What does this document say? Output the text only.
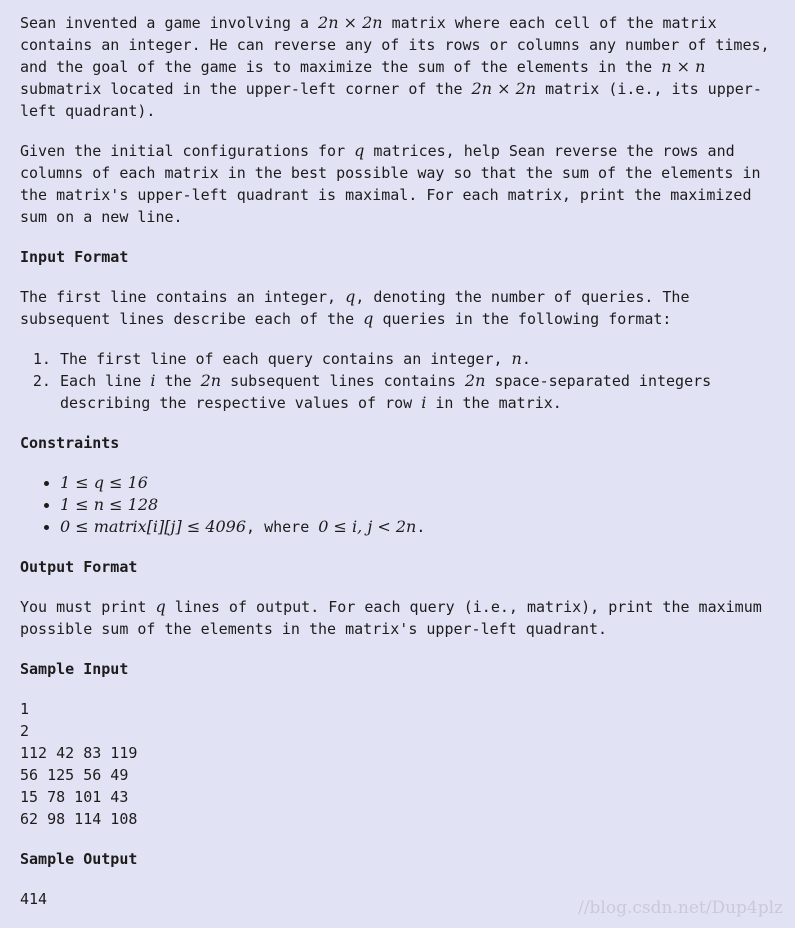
Sean invented a game involving a 2n × 2n matrix where each cell of the matrix contains an integer. He can reverse any of its rows or columns any number of times, and the goal of the game is to maximize the sum of the elements in the n × n submatrix located in the upper-left corner of the 2n × 2n matrix (i.e., its upper-left quadrant).

Given the initial configurations for q matrices, help Sean reverse the rows and columns of each matrix in the best possible way so that the sum of the elements in the matrix's upper-left quadrant is maximal. For each matrix, print the maximized sum on a new line.

Input Format

The first line contains an integer, q, denoting the number of queries. The subsequent lines describe each of the q queries in the following format:

1. The first line of each query contains an integer, n.
2. Each line i the 2n subsequent lines contains 2n space-separated integers describing the respective values of row i in the matrix.
Constraints
• 1 ≤ q ≤ 16
• 1 ≤ n ≤ 128
• 0 ≤ matrix[i][j] ≤ 4096, where 0 ≤ i, j < 2n.
Output Format

You must print q lines of output. For each query (i.e., matrix), print the maximum possible sum of the elements in the matrix's upper-left quadrant.

Sample Input
1
2
112 42 83 119
56 125 56 49
15 78 101 43
62 98 114 108
Sample Output
414	//blog.csdn.net/Dup4plz
